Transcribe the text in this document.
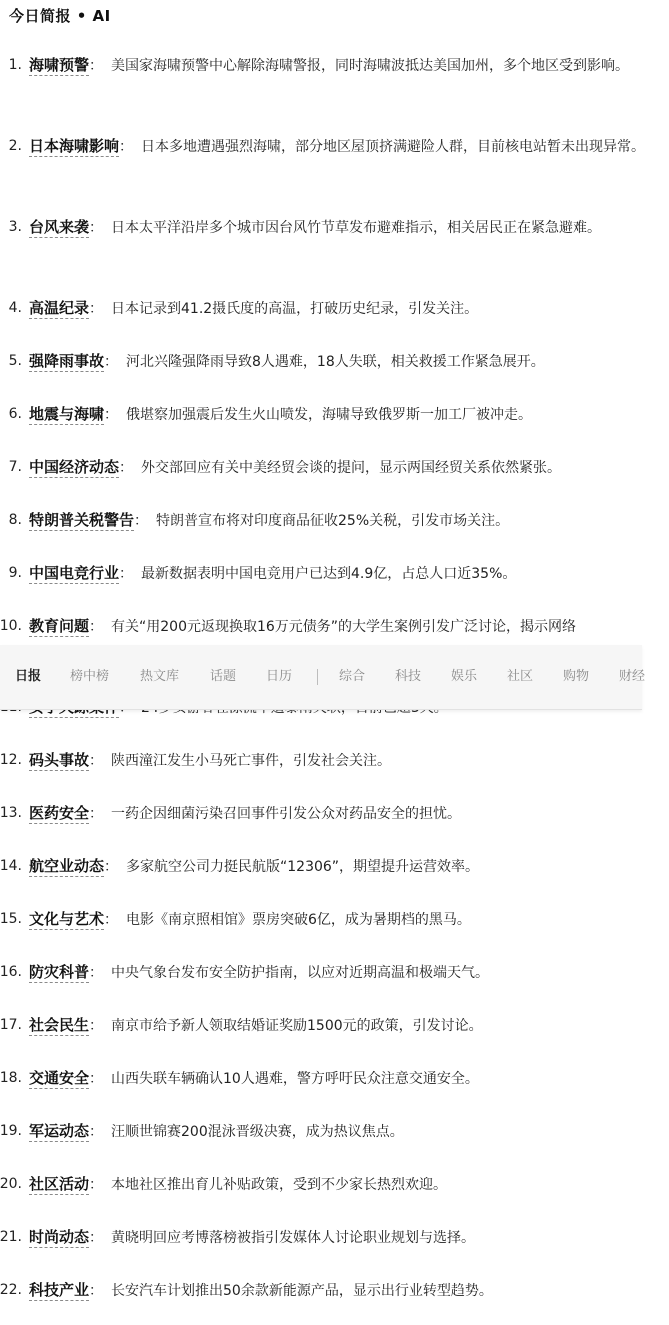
今日简报 • AI
1. 海啸预警： 美国家海啸预警中心解除海啸警报，同时海啸波抵达美国加州，多个地区受到影响。
2. 日本海啸影响： 日本多地遭遇强烈海啸，部分地区屋顶挤满避险人群，目前核电站暂未出现异常。
3. 台风来袭： 日本太平洋沿岸多个城市因台风竹节草发布避难指示，相关居民正在紧急避难。
4. 高温纪录： 日本记录到41.2摄氏度的高温，打破历史纪录，引发关注。
5. 强降雨事故： 河北兴隆强降雨导致8人遇难，18人失联，相关救援工作紧急展开。
6. 地震与海啸： 俄堪察加强震后发生火山喷发，海啸导致俄罗斯一加工厂被冲走。
7. 中国经济动态： 外交部回应有关中美经贸会谈的提问，显示两国经贸关系依然紧张。
8. 特朗普关税警告： 特朗普宣布将对印度商品征收25%关税，引发市场关注。
9. 中国电竞行业： 最新数据表明中国电竞用户已达到4.9亿，占总人口近35%。
10. 教育问题： 有关“用200元返现换取16万元债务”的大学生案例引发广泛讨论，揭示网络
12. 码头事故： 陕西潼江发生小马死亡事件，引发社会关注。
13. 医药安全： 一药企因细菌污染召回事件引发公众对药品安全的担忧。
14. 航空业动态： 多家航空公司力挺民航版“12306”，期望提升运营效率。
15. 文化与艺术： 电影《南京照相馆》票房突破6亿，成为暑期档的黑马。
16. 防灾科普： 中央气象台发布安全防护指南，以应对近期高温和极端天气。
17. 社会民生： 南京市给予新人领取结婚证奖励1500元的政策，引发讨论。
18. 交通安全： 山西失联车辆确认10人遇难，警方呼吁民众注意交通安全。
19. 军运动态： 汪顺世锦赛200混泳晋级决赛，成为热议焦点。
20. 社区活动： 本地社区推出育儿补贴政策，受到不少家长热烈欢迎。
21. 时尚动态： 黄晓明回应考博落榜被指引发媒体人讨论职业规划与选择。
22. 科技产业： 长安汽车计划推出50余款新能源产品，显示出行业转型趋势。
日报 榜中榜 热文库 话题 日历	综合 科技 娱乐 社区 购物 财经
